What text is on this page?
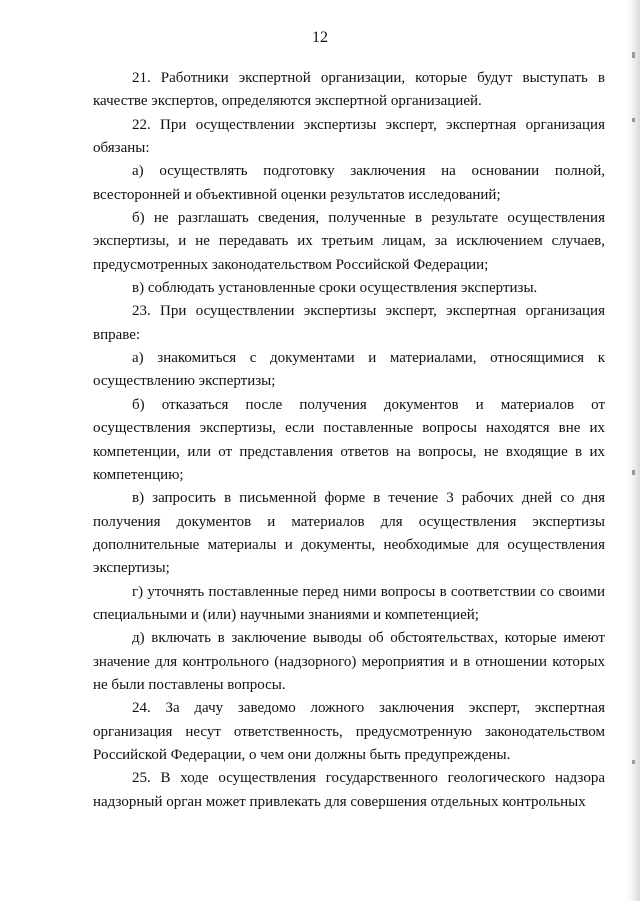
12

21. Работники экспертной организации, которые будут выступать в качестве экспертов, определяются экспертной организацией.

22. При осуществлении экспертизы эксперт, экспертная организация обязаны:

а) осуществлять подготовку заключения на основании полной, всесторонней и объективной оценки результатов исследований;

б) не разглашать сведения, полученные в результате осуществления экспертизы, и не передавать их третьим лицам, за исключением случаев, предусмотренных законодательством Российской Федерации;

в) соблюдать установленные сроки осуществления экспертизы.

23. При осуществлении экспертизы эксперт, экспертная организация вправе:

а) знакомиться с документами и материалами, относящимися к осуществлению экспертизы;

б) отказаться после получения документов и материалов от осуществления экспертизы, если поставленные вопросы находятся вне их компетенции, или от представления ответов на вопросы, не входящие в их компетенцию;

в) запросить в письменной форме в течение 3 рабочих дней со дня получения документов и материалов для осуществления экспертизы дополнительные материалы и документы, необходимые для осуществления экспертизы;

г) уточнять поставленные перед ними вопросы в соответствии со своими специальными и (или) научными знаниями и компетенцией;

д) включать в заключение выводы об обстоятельствах, которые имеют значение для контрольного (надзорного) мероприятия и в отношении которых не были поставлены вопросы.

24. За дачу заведомо ложного заключения эксперт, экспертная организация несут ответственность, предусмотренную законодательством Российской Федерации, о чем они должны быть предупреждены.

25. В ходе осуществления государственного геологического надзора надзорный орган может привлекать для совершения отдельных контрольных
